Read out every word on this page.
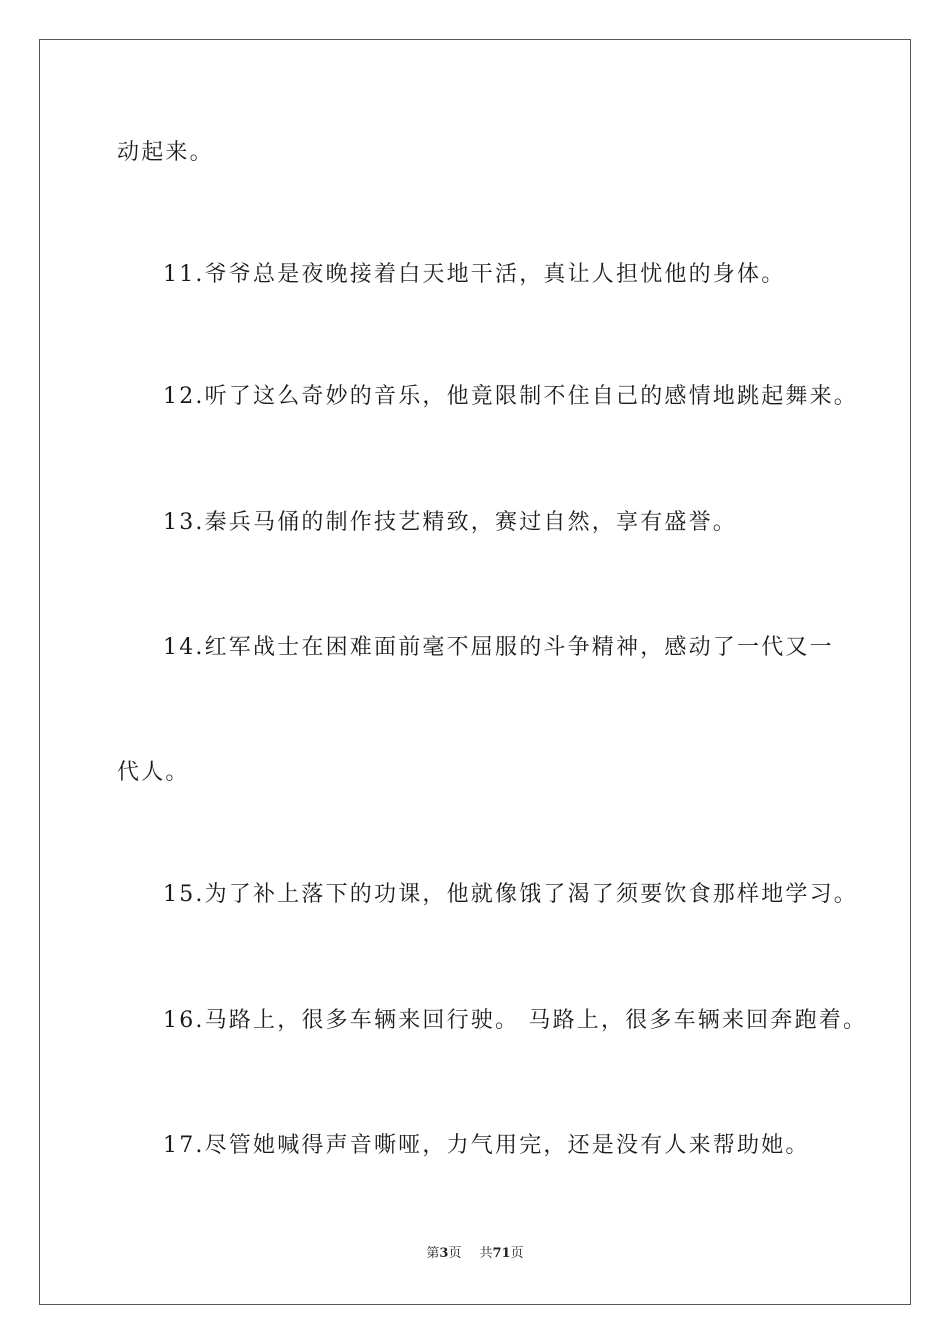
动起来。
11.爷爷总是夜晚接着白天地干活，真让人担忧他的身体。
12.听了这么奇妙的音乐，他竟限制不住自己的感情地跳起舞来。
13.秦兵马俑的制作技艺精致，赛过自然，享有盛誉。
14.红军战士在困难面前毫不屈服的斗争精神，感动了一代又一
代人。
15.为了补上落下的功课，他就像饿了渴了须要饮食那样地学习。
16.马路上，很多车辆来回行驶。 马路上，很多车辆来回奔跑着。
17.尽管她喊得声音嘶哑，力气用完，还是没有人来帮助她。
第3页 共71页
